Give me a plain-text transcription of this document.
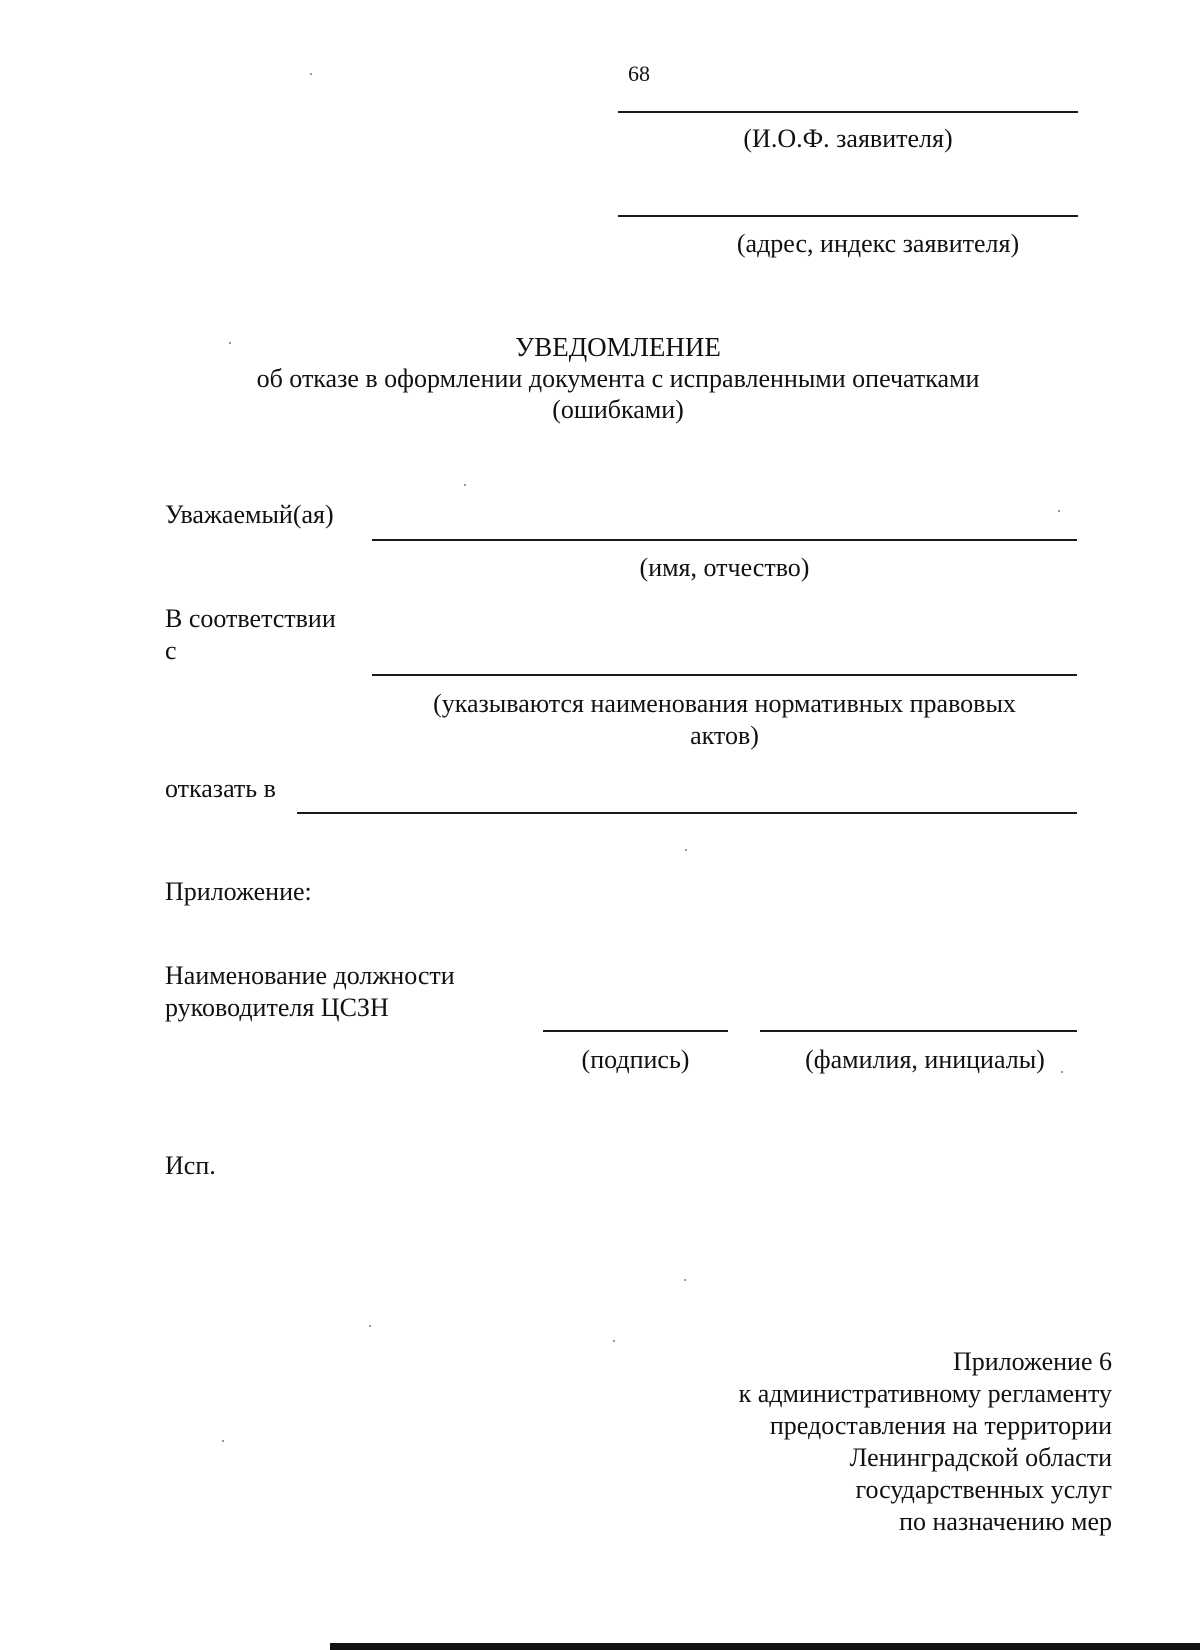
68
(И.О.Ф. заявителя)
(адрес, индекс заявителя)
УВЕДОМЛЕНИЕ
об отказе в оформлении документа с исправленными опечатками
(ошибками)
Уважаемый(ая)
(имя, отчество)
В соответствии
с
(указываются наименования нормативных правовых
актов)
отказать в
Приложение:
Наименование должности
руководителя ЦСЗН
(подпись)	(фамилия, инициалы)
Исп.
Приложение 6
к административному регламенту
предоставления на территории
Ленинградской области
государственных услуг
по назначению мер
